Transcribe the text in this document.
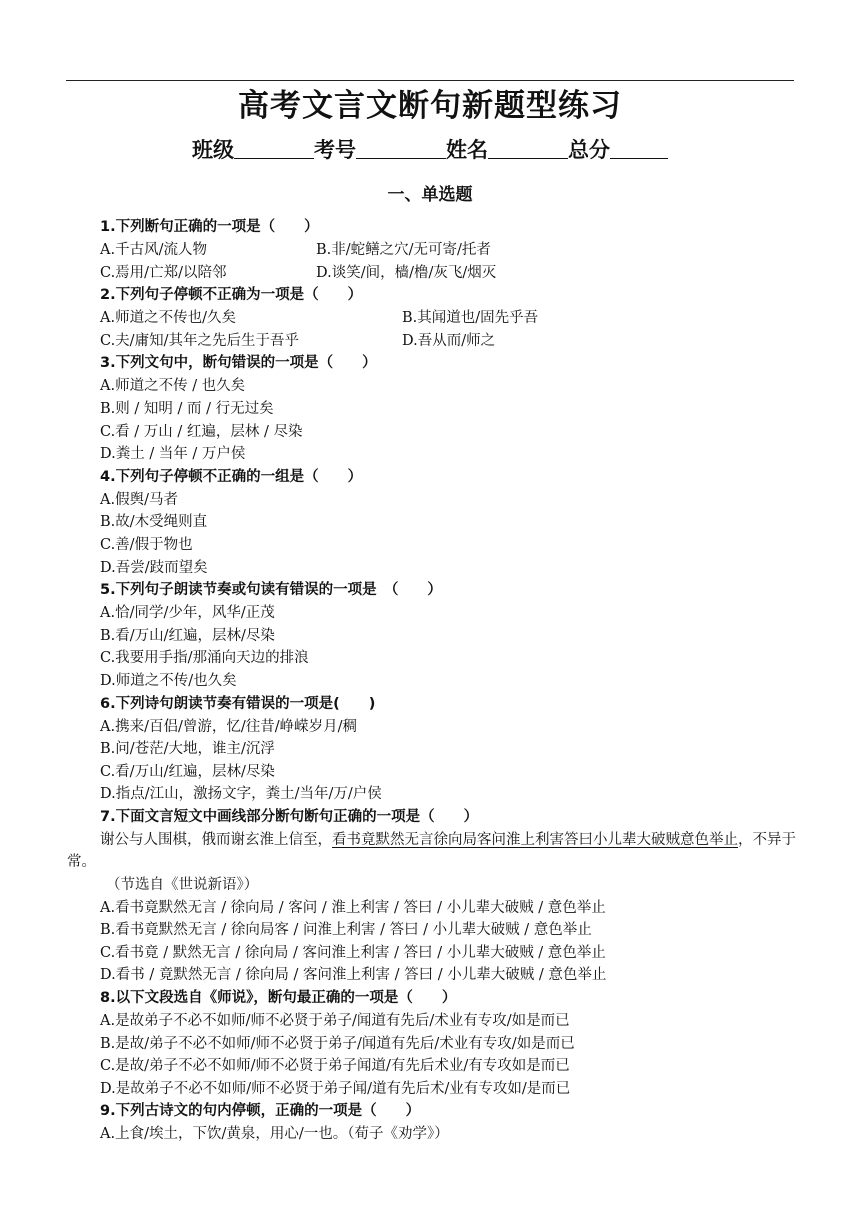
高考文言文断句新题型练习
班级	考号	姓名	总分
一、单选题
1.下列断句正确的一项是（　　）
A.千古风/流人物	B.非/蛇鳝之穴/无可寄/托者
C.焉用/亡郑/以陪邻	D.谈笑/间，樯/橹/灰飞/烟灭
2.下列句子停顿不正确为一项是（　　）
A.师道之不传也/久矣	B.其闻道也/固先乎吾
C.夫/庸知/其年之先后生于吾乎	D.吾从而/师之
3.下列文句中，断句错误的一项是（　　）
A.师道之不传 / 也久矣
B.则 / 知明 / 而 / 行无过矣
C.看 / 万山 / 红遍，层林 / 尽染
D.粪土 / 当年 / 万户侯
4.下列句子停顿不正确的一组是（　　）
A.假舆/马者
B.故/木受绳则直
C.善/假于物也
D.吾尝/跂而望矣
5.下列句子朗读节奏或句读有错误的一项是　（　　）
A.恰/同学/少年，风华/正茂
B.看/万山/红遍，层林/尽染
C.我要用手指/那涌向天边的排浪
D.师道之不传/也久矣
6.下列诗句朗读节奏有错误的一项是(　　)
A.携来/百侣/曾游，忆/往昔/峥嵘岁月/稠
B.问/苍茫/大地，谁主/沉浮
C.看/万山/红遍，层林/尽染
D.指点/江山，激扬文字，粪土/当年/万/户侯
7.下面文言短文中画线部分断句断句正确的一项是（　　）
谢公与人围棋，俄而谢玄淮上信至，看书竟默然无言徐向局客问淮上利害答曰小儿辈大破贼意色举止，不异于常。
（节选自《世说新语》）
A.看书竟默然无言 / 徐向局 / 客问 / 淮上利害 / 答曰 / 小儿辈大破贼 / 意色举止
B.看书竟默然无言 / 徐向局客 / 问淮上利害 / 答曰 / 小儿辈大破贼 / 意色举止
C.看书竟 / 默然无言 / 徐向局 / 客问淮上利害 / 答曰 / 小儿辈大破贼 / 意色举止
D.看书 / 竟默然无言 / 徐向局 / 客问淮上利害 / 答曰 / 小儿辈大破贼 / 意色举止
8.以下文段选自《师说》，断句最正确的一项是（　　）
A.是故弟子不必不如师/师不必贤于弟子/闻道有先后/术业有专攻/如是而已
B.是故/弟子不必不如师/师不必贤于弟子/闻道有先后/术业有专攻/如是而已
C.是故/弟子不必不如师/师不必贤于弟子闻道/有先后术业/有专攻如是而已
D.是故弟子不必不如师/师不必贤于弟子闻/道有先后术/业有专攻如/是而已
9.下列古诗文的句内停顿，正确的一项是（　　）
A.上食/埃土，下饮/黄泉，用心/一也。（荀子《劝学》）
